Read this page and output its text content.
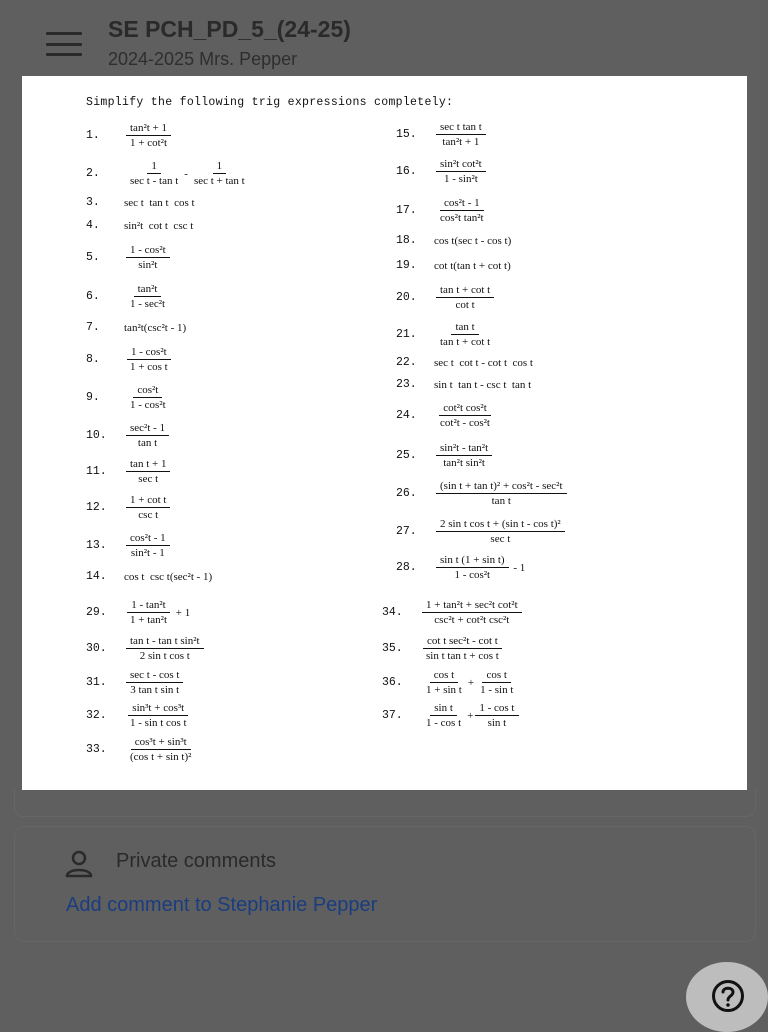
SE PCH_PD_5_(24-25)
2024-2025 Mrs. Pepper
Simplify the following trig expressions completely:
1.	$\frac{\text{tan²t + 1}}{\text{1 + cot²t}}$
2.	$\frac{1}{\text{sec t - tan t}} - \frac{1}{\text{sec t + tan t}}$
3.	sec t  tan t  cos t
4.	sin²t  cot t  csc t
5.	$\frac{\text{1 - cos²t}}{\text{sin²t}}$
6.	$\frac{\text{tan²t}}{\text{1 - sec²t}}$
7.	tan²t(csc²t - 1)
8.	$\frac{\text{1 - cos²t}}{\text{1 + cos t}}$
9.	$\frac{\text{cos²t}}{\text{1 - cos²t}}$
10.	$\frac{\text{sec²t - 1}}{\text{tan t}}$
11.	$\frac{\text{tan t + 1}}{\text{sec t}}$
12.	$\frac{\text{1 + cot t}}{\text{csc t}}$
13.	$\frac{\text{cos²t - 1}}{\text{sin²t - 1}}$
14.	cos t  csc t(sec²t - 1)
15.	$\frac{\text{sec t tan t}}{\text{tan²t + 1}}$
16.	$\frac{\text{sin²t cot²t}}{\text{1 - sin²t}}$
17.	$\frac{\text{cos²t - 1}}{\text{cos²t tan²t}}$
18.	cos t(sec t - cos t)
19.	cot t(tan t + cot t)
20.	$\frac{\text{tan t + cot t}}{\text{cot t}}$
21.	$\frac{\text{tan t}}{\text{tan t + cot t}}$
22.	sec t  cot t - cot t  cos t
23.	sin t  tan t - csc t  tan t
24.	$\frac{\text{cot²t cos²t}}{\text{cot²t - cos²t}}$
25.	$\frac{\text{sin²t - tan²t}}{\text{tan²t sin²t}}$
26.	$\frac{\text{(sin t + tan t)² + cos²t - sec²t}}{\text{tan t}}$
27.	$\frac{\text{2 sin t cos t + (sin t - cos t)²}}{\text{sec t}}$
28.	$\frac{\text{sin t (1 + sin t)}}{\text{1 - cos²t}} - 1$
29.	$\frac{\text{1 - tan²t}}{\text{1 + tan²t}} + 1$
30.	$\frac{\text{tan t - tan t sin²t}}{\text{2 sin t cos t}}$
31.	$\frac{\text{sec t - cos t}}{\text{3 tan t sin t}}$
32.	$\frac{\text{sin³t + cos³t}}{\text{1 - sin t cos t}}$
33.	$\frac{\text{cos³t + sin³t}}{\text{(cos t + sin t)²}}$
34.	$\frac{\text{1 + tan²t + sec²t cot²t}}{\text{csc²t + cot²t csc²t}}$
35.	$\frac{\text{cot t sec²t - cot t}}{\text{sin t tan t + cos t}}$
36.	$\frac{\text{cos t}}{\text{1 + sin t}} + \frac{\text{cos t}}{\text{1 - sin t}}$
37.	$\frac{\text{sin t}}{\text{1 - cos t}} + \frac{\text{1 - cos t}}{\text{sin t}}$
Private comments
Add comment to Stephanie Pepper
